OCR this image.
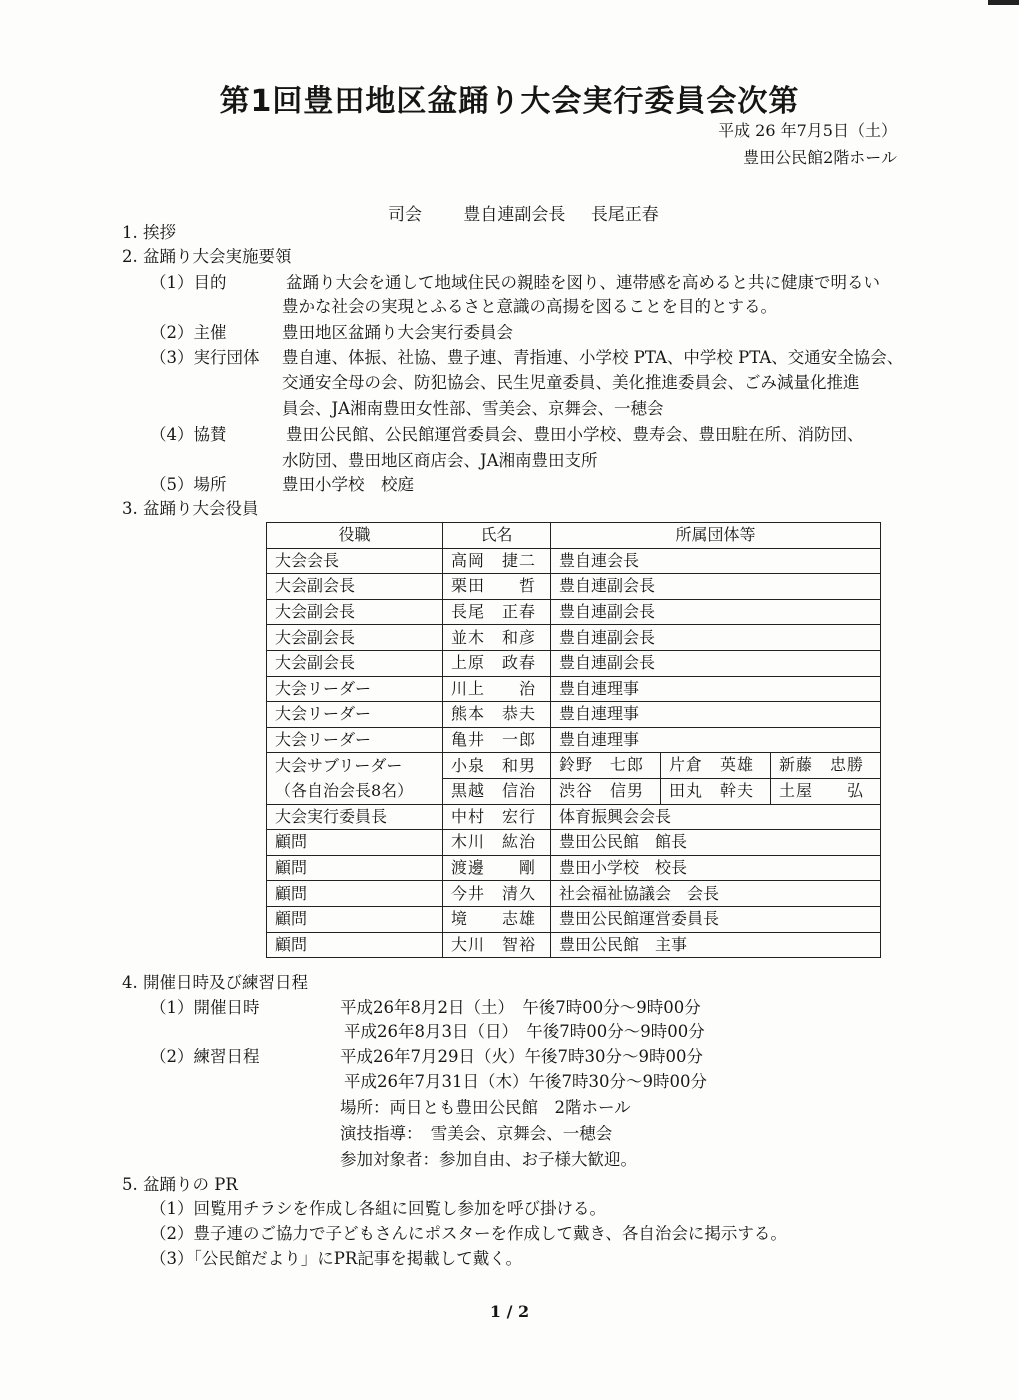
第1回豊田地区盆踊り大会実行委員会次第
平成 26 年7月5日（土）
豊田公民館2階ホール
司会 豊自連副会長 長尾正春
1. 挨拶
2. 盆踊り大会実施要領
（1）目的	盆踊り大会を通して地域住民の親睦を図り、連帯感を高めると共に健康で明るい
豊かな社会の実現とふるさと意識の高揚を図ることを目的とする。
（2）主催	豊田地区盆踊り大会実行委員会
（3）実行団体 豊自連、体振、社協、豊子連、青指連、小学校 PTA、中学校 PTA、交通安全協会、
交通安全母の会、防犯協会、民生児童委員、美化推進委員会、ごみ減量化推進
員会、JA湘南豊田女性部、雪美会、京舞会、一穂会
（4）協賛	豊田公民館、公民館運営委員会、豊田小学校、豊寿会、豊田駐在所、消防団、
水防団、豊田地区商店会、JA湘南豊田支所
（5）場所	豊田小学校　校庭
3. 盆踊り大会役員
役職	氏名	所属団体等
大会会長	高岡　捷二	豊自連会長
大会副会長	栗田　　哲	豊自連副会長
大会副会長	長尾　正春	豊自連副会長
大会副会長	並木　和彦	豊自連副会長
大会副会長	上原　政春	豊自連副会長
大会リーダー	川上　　治	豊自連理事
大会リーダー	熊本　恭夫	豊自連理事
大会リーダー	亀井　一郎	豊自連理事
大会サブリーダー	小泉　和男	鈴野　七郎 片倉　英雄 新藤　忠勝

（各自治会長8名）	黒越　信治	渋谷　信男 田丸　幹夫 土屋　　弘

大会実行委員長	中村　宏行	体育振興会会長
顧問	木川　紘治	豊田公民館　館長
顧問	渡邊　　剛	豊田小学校　校長
顧問	今井　清久	社会福祉協議会　会長
顧問	境　　志雄	豊田公民館運営委員長
顧問	大川　智裕	豊田公民館　主事
4. 開催日時及び練習日程
（1）開催日時	平成26年8月2日（土）　午後7時00分～9時00分
平成26年8月3日（日）　午後7時00分～9時00分
（2）練習日程	平成26年7月29日（火）午後7時30分～9時00分
平成26年7月31日（木）午後7時30分～9時00分
場所：両日とも豊田公民館　2階ホール
演技指導：　雪美会、京舞会、一穂会
参加対象者：参加自由、お子様大歓迎。
5. 盆踊りの PR
（1）回覧用チラシを作成し各組に回覧し参加を呼び掛ける。
（2）豊子連のご協力で子どもさんにポスターを作成して戴き、各自治会に掲示する。
（3）「公民館だより」にPR記事を掲載して戴く。
1 / 2
